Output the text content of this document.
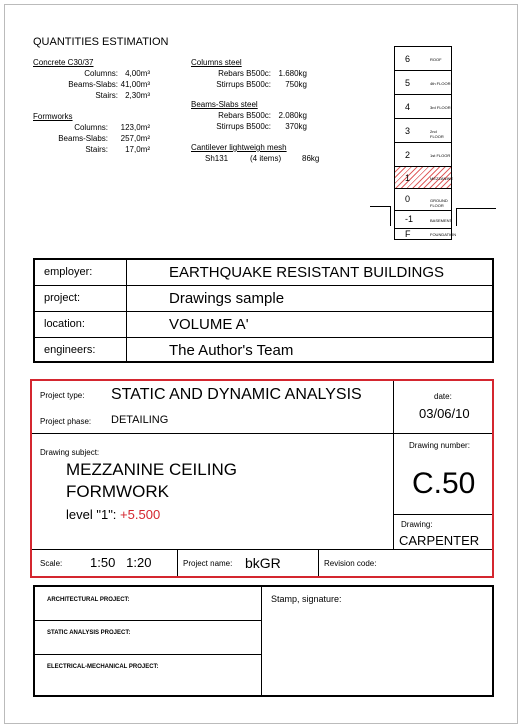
QUANTITIES ESTIMATION
Concrete C30/37
Columns: 4,00m³
Beams-Slabs: 41,00m³
Stairs: 2,30m³
Formworks
Columns: 123,0m²
Beams-Slabs: 257,0m²
Stairs: 17,0m²
Columns steel
Rebars B500c: 1.680kg
Stirrups B500c: 750kg
Beams-Slabs steel
Rebars B500c: 2.080kg
Stirrups B500c: 370kg
Cantilever lightweigh mesh
Sh131	(4 items)	86kg
6	ROOF
5	4th FLOOR
4	3rd FLOOR
3	2nd FLOOR
2	1st FLOOR
1	MEZZANINE
0	GROUND FLOOR
-1	BASEMENT
F	FOUNDATION
employer:	EARTHQUAKE RESISTANT BUILDINGS
project:	Drawings sample
location:	VOLUME A'
engineers:	The Author's Team
Project type: STATIC AND DYNAMIC ANALYSIS
Project phase: DETAILING
date:
03/06/10
Drawing subject:
MEZZANINE CEILING
FORMWORK
level "1": +5.500
Drawing number:
C.50
Drawing:
CARPENTER
Scale: 1:50   1:20	Project name: bkGR	Revision code:
ARCHITECTURAL PROJECT:
STATIC ANALYSIS PROJECT:
ELECTRICAL-MECHANICAL PROJECT:
Stamp, signature:
